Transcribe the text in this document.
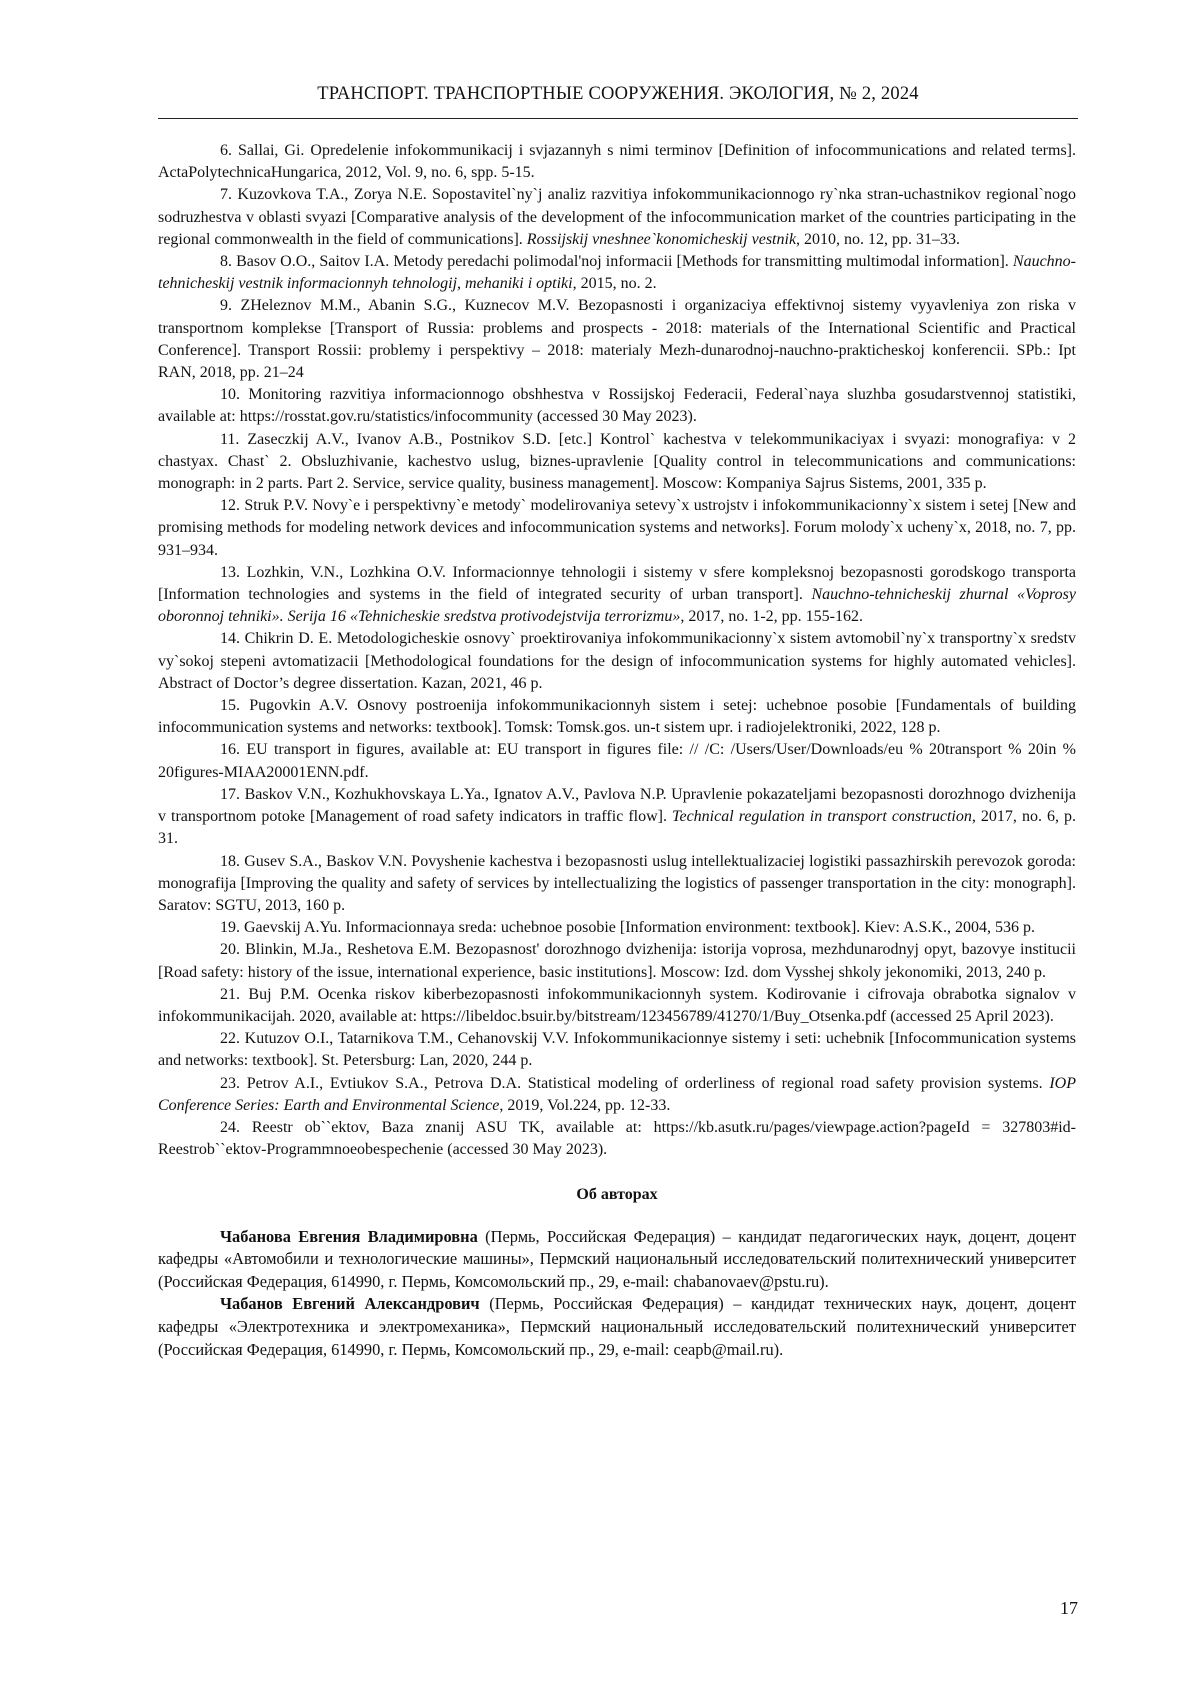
ТРАНСПОРТ. ТРАНСПОРТНЫЕ СООРУЖЕНИЯ. ЭКОЛОГИЯ, № 2, 2024

6. Sallai, Gi. Opredelenie infokommunikacij i svjazannyh s nimi terminov [Definition of infocommunications and related terms]. ActaPolytechnicaHungarica, 2012, Vol. 9, no. 6, spp. 5-15.

7. Kuzovkova T.A., Zorya N.E. Sopostavitel`ny`j analiz razvitiya infokommunikacionnogo ry`nka stran-uchastnikov regional`nogo sodruzhestva v oblasti svyazi [Comparative analysis of the development of the infocommunication market of the countries participating in the regional commonwealth in the field of communications]. Rossijskij vneshnee`konomicheskij vestnik, 2010, no. 12, pp. 31–33.

8. Basov O.O., Saitov I.A. Metody peredachi polimodal'noj informacii [Methods for transmitting multimodal information]. Nauchno-tehnicheskij vestnik informacionnyh tehnologij, mehaniki i optiki, 2015, no. 2.

9. ZHeleznov M.M., Abanin S.G., Kuznecov M.V. Bezopasnosti i organizaciya effektivnoj sistemy vyyavleniya zon riska v transportnom komplekse [Transport of Russia: problems and prospects - 2018: materials of the International Scientific and Practical Conference]. Transport Rossii: problemy i perspektivy – 2018: materialy Mezh-dunarodnoj-nauchno-prakticheskoj konferencii. SPb.: Ipt RAN, 2018, pp. 21–24

10. Monitoring razvitiya informacionnogo obshhestva v Rossijskoj Federacii, Federal`naya sluzhba gosudarstvennoj statistiki, available at: https://rosstat.gov.ru/statistics/infocommunity (accessed 30 May 2023).

11. Zaseczkij A.V., Ivanov A.B., Postnikov S.D. [etc.] Kontrol` kachestva v telekommunikaciyax i svyazi: monografiya: v 2 chastyax. Chast` 2. Obsluzhivanie, kachestvo uslug, biznes-upravlenie [Quality control in telecommunications and communications: monograph: in 2 parts. Part 2. Service, service quality, business management]. Moscow: Kompaniya Sajrus Sistems, 2001, 335 p.

12. Struk P.V. Novy`e i perspektivny`e metody` modelirovaniya setevy`x ustrojstv i infokommunikacionny`x sistem i setej [New and promising methods for modeling network devices and infocommunication systems and networks]. Forum molody`x ucheny`x, 2018, no. 7, pp. 931–934.

13. Lozhkin, V.N., Lozhkina O.V. Informacionnye tehnologii i sistemy v sfere kompleksnoj bezopasnosti gorodskogo transporta [Information technologies and systems in the field of integrated security of urban transport]. Nauchno-tehnicheskij zhurnal «Voprosy oboronnoj tehniki». Serija 16 «Tehnicheskie sredstva protivodejstvija terrorizmu», 2017, no. 1-2, pp. 155-162.

14. Chikrin D. E. Metodologicheskie osnovy` proektirovaniya infokommunikacionny`x sistem avtomobil`ny`x transportny`x sredstv vy`sokoj stepeni avtomatizacii [Methodological foundations for the design of infocommunication systems for highly automated vehicles]. Abstract of Doctor’s degree dissertation. Kazan, 2021, 46 p.

15. Pugovkin A.V. Osnovy postroenija infokommunikacionnyh sistem i setej: uchebnoe posobie [Fundamentals of building infocommunication systems and networks: textbook]. Tomsk: Tomsk.gos. un-t sistem upr. i radiojelektroniki, 2022, 128 p.

16. EU transport in figures, available at: EU transport in figures file: // /C: /Users/User/Downloads/eu % 20transport % 20in % 20figures-MIAA20001ENN.pdf.

17. Baskov V.N., Kozhukhovskaya L.Ya., Ignatov A.V., Pavlova N.P. Upravlenie pokazateljami bezopasnosti dorozhnogo dvizhenija v transportnom potoke [Management of road safety indicators in traffic flow]. Technical regulation in transport construction, 2017, no. 6, p. 31.

18. Gusev S.A., Baskov V.N. Povyshenie kachestva i bezopasnosti uslug intellektualizaciej logistiki passazhirskih perevozok goroda: monografija [Improving the quality and safety of services by intellectualizing the logistics of passenger transportation in the city: monograph]. Saratov: SGTU, 2013, 160 p.

19. Gaevskij A.Yu. Informacionnaya sreda: uchebnoe posobie [Information environment: textbook]. Kiev: A.S.K., 2004, 536 p.

20. Blinkin, M.Ja., Reshetova E.M. Bezopasnost' dorozhnogo dvizhenija: istorija voprosa, mezhdunarodnyj opyt, bazovye institucii [Road safety: history of the issue, international experience, basic institutions]. Moscow: Izd. dom Vysshej shkoly jekonomiki, 2013, 240 p.

21. Buj P.M. Ocenka riskov kiberbezopasnosti infokommunikacionnyh system. Kodirovanie i cifrovaja obrabotka signalov v infokommunikacijah. 2020, available at: https://libeldoc.bsuir.by/bitstream/123456789/41270/1/Buy_Otsenka.pdf (accessed 25 April 2023).

22. Kutuzov O.I., Tatarnikova T.M., Cehanovskij V.V. Infokommunikacionnye sistemy i seti: uchebnik [Infocommunication systems and networks: textbook]. St. Petersburg: Lan, 2020, 244 p.

23. Petrov A.I., Evtiukov S.A., Petrova D.A. Statistical modeling of orderliness of regional road safety provision systems. IOP Conference Series: Earth and Environmental Science, 2019, Vol.224, pp. 12-33.

24. Reestr ob``ektov, Baza znanij ASU TK, available at: https://kb.asutk.ru/pages/viewpage.action?pageId = 327803#id-Reestrob``ektov-Programmnoeobespechenie (accessed 30 May 2023).

Об авторах

Чабанова Евгения Владимировна (Пермь, Российская Федерация) – кандидат педагогических наук, доцент, доцент кафедры «Автомобили и технологические машины», Пермский национальный исследовательский политехнический университет (Российская Федерация, 614990, г. Пермь, Комсомольский пр., 29, e-mail: chabanovaev@pstu.ru).

Чабанов Евгений Александрович (Пермь, Российская Федерация) – кандидат технических наук, доцент, доцент кафедры «Электротехника и электромеханика», Пермский национальный исследовательский политехнический университет (Российская Федерация, 614990, г. Пермь, Комсомольский пр., 29, e-mail: ceapb@mail.ru).

17
